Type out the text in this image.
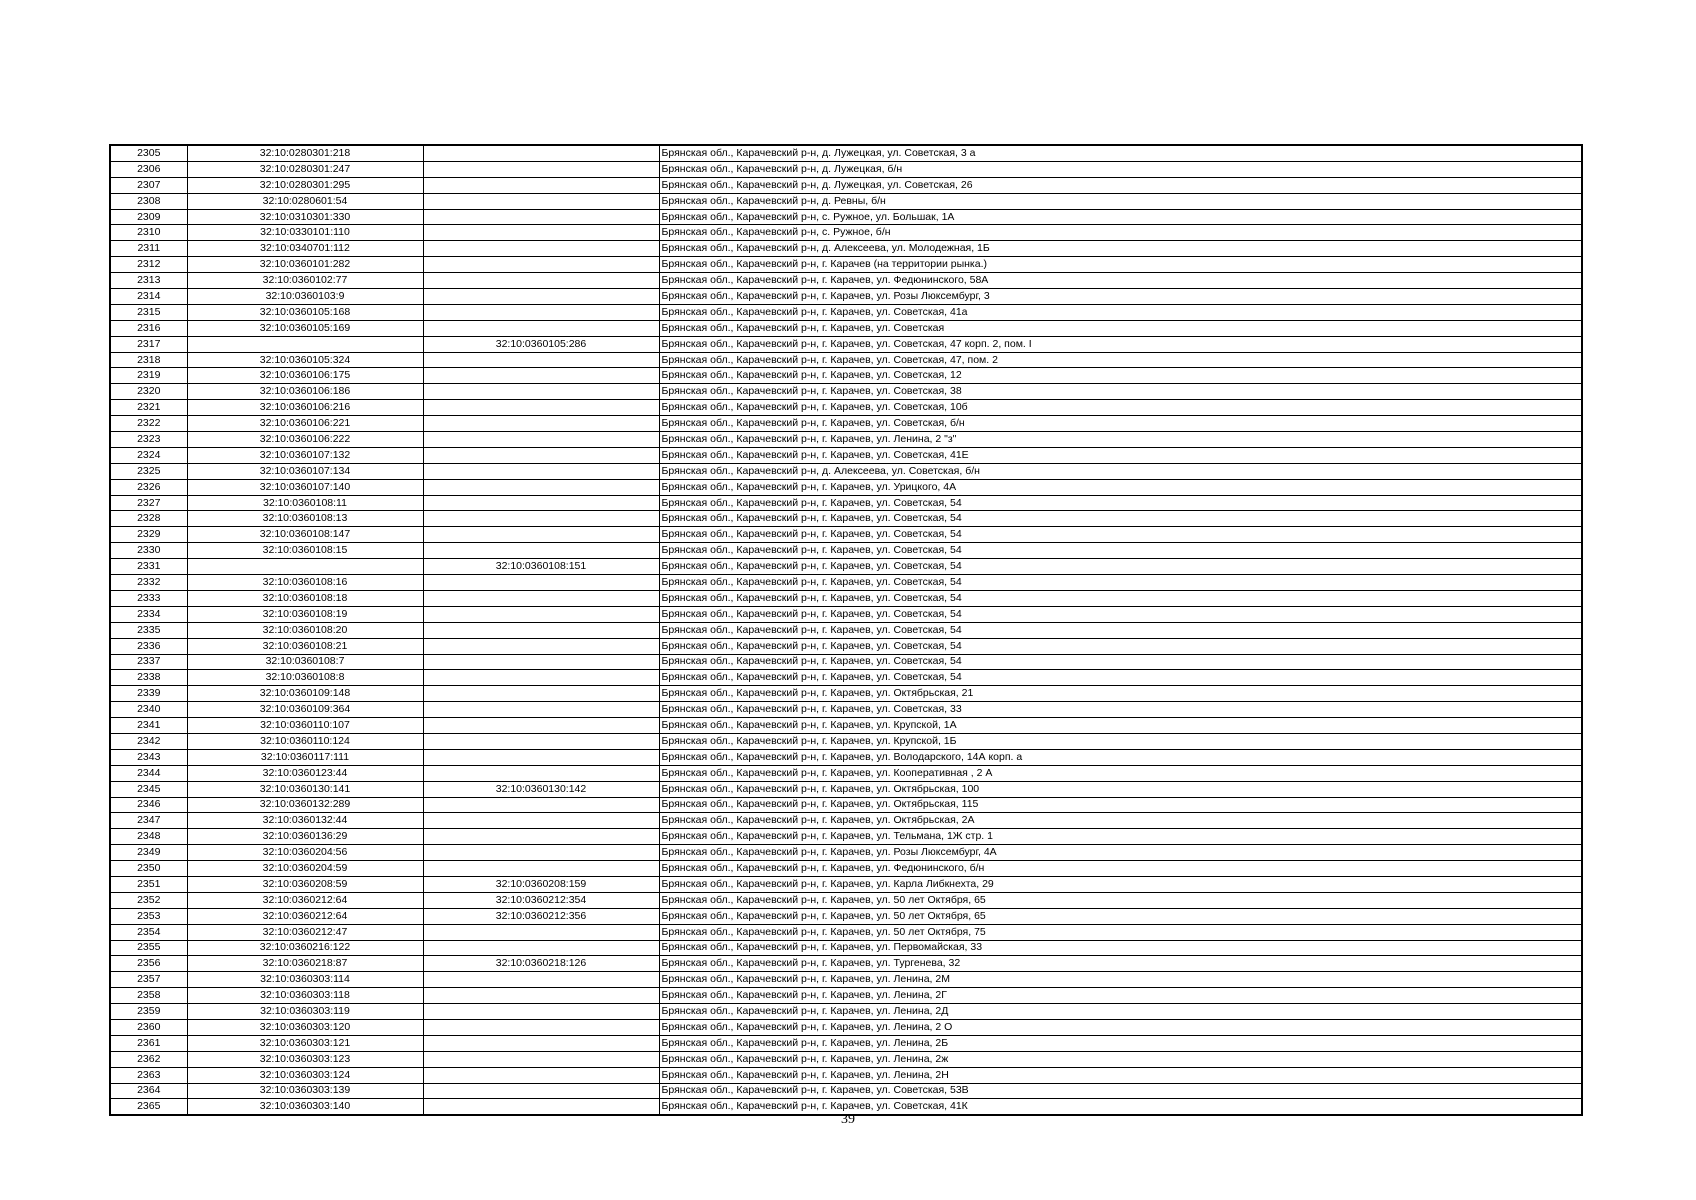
2305	32:10:0280301:218		Брянская обл., Карачевский р-н, д. Лужецкая, ул. Советская, 3 а
2306	32:10:0280301:247		Брянская обл., Карачевский р-н, д. Лужецкая, б/н
2307	32:10:0280301:295		Брянская обл., Карачевский р-н, д. Лужецкая, ул. Советская, 26
2308	32:10:0280601:54		Брянская обл., Карачевский р-н, д. Ревны, б/н
2309	32:10:0310301:330		Брянская обл., Карачевский р-н, с. Ружное, ул. Большак, 1А
2310	32:10:0330101:110		Брянская обл., Карачевский р-н, с. Ружное, б/н
2311	32:10:0340701:112		Брянская обл., Карачевский р-н, д. Алексеева, ул. Молодежная, 1Б
2312	32:10:0360101:282		Брянская обл., Карачевский р-н, г. Карачев (на территории рынка.)
2313	32:10:0360102:77		Брянская обл., Карачевский р-н, г. Карачев, ул. Федюнинского, 58А
2314	32:10:0360103:9		Брянская обл., Карачевский р-н, г. Карачев, ул. Розы Люксембург, 3
2315	32:10:0360105:168		Брянская обл., Карачевский р-н, г. Карачев, ул. Советская, 41а
2316	32:10:0360105:169		Брянская обл., Карачевский р-н, г. Карачев, ул. Советская
2317		32:10:0360105:286	Брянская обл., Карачевский р-н, г. Карачев, ул. Советская, 47 корп. 2, пом. I
2318	32:10:0360105:324		Брянская обл., Карачевский р-н, г. Карачев, ул. Советская, 47, пом. 2
2319	32:10:0360106:175		Брянская обл., Карачевский р-н, г. Карачев, ул. Советская, 12
2320	32:10:0360106:186		Брянская обл., Карачевский р-н, г. Карачев, ул. Советская, 38
2321	32:10:0360106:216		Брянская обл., Карачевский р-н, г. Карачев, ул. Советская, 10б
2322	32:10:0360106:221		Брянская обл., Карачевский р-н, г. Карачев, ул. Советская, б/н
2323	32:10:0360106:222		Брянская обл., Карачевский р-н, г. Карачев, ул. Ленина, 2 "з"
2324	32:10:0360107:132		Брянская обл., Карачевский р-н, г. Карачев, ул. Советская, 41Е
2325	32:10:0360107:134		Брянская обл., Карачевский р-н, д. Алексеева, ул. Советская, б/н
2326	32:10:0360107:140		Брянская обл., Карачевский р-н, г. Карачев, ул. Урицкого, 4А
2327	32:10:0360108:11		Брянская обл., Карачевский р-н, г. Карачев, ул. Советская, 54
2328	32:10:0360108:13		Брянская обл., Карачевский р-н, г. Карачев, ул. Советская, 54
2329	32:10:0360108:147		Брянская обл., Карачевский р-н, г. Карачев, ул. Советская, 54
2330	32:10:0360108:15		Брянская обл., Карачевский р-н, г. Карачев, ул. Советская, 54
2331		32:10:0360108:151	Брянская обл., Карачевский р-н, г. Карачев, ул. Советская, 54
2332	32:10:0360108:16		Брянская обл., Карачевский р-н, г. Карачев, ул. Советская, 54
2333	32:10:0360108:18		Брянская обл., Карачевский р-н, г. Карачев, ул. Советская, 54
2334	32:10:0360108:19		Брянская обл., Карачевский р-н, г. Карачев, ул. Советская, 54
2335	32:10:0360108:20		Брянская обл., Карачевский р-н, г. Карачев, ул. Советская, 54
2336	32:10:0360108:21		Брянская обл., Карачевский р-н, г. Карачев, ул. Советская, 54
2337	32:10:0360108:7		Брянская обл., Карачевский р-н, г. Карачев, ул. Советская, 54
2338	32:10:0360108:8		Брянская обл., Карачевский р-н, г. Карачев, ул. Советская, 54
2339	32:10:0360109:148		Брянская обл., Карачевский р-н, г. Карачев, ул. Октябрьская, 21
2340	32:10:0360109:364		Брянская обл., Карачевский р-н, г. Карачев, ул. Советская, 33
2341	32:10:0360110:107		Брянская обл., Карачевский р-н, г. Карачев, ул. Крупской, 1А
2342	32:10:0360110:124		Брянская обл., Карачевский р-н, г. Карачев, ул. Крупской, 1Б
2343	32:10:0360117:111		Брянская обл., Карачевский р-н, г. Карачев, ул. Володарского, 14А корп. а
2344	32:10:0360123:44		Брянская обл., Карачевский р-н, г. Карачев, ул. Кооперативная , 2 А
2345	32:10:0360130:141	32:10:0360130:142	Брянская обл., Карачевский р-н, г. Карачев, ул. Октябрьская, 100
2346	32:10:0360132:289		Брянская обл., Карачевский р-н, г. Карачев, ул. Октябрьская, 115
2347	32:10:0360132:44		Брянская обл., Карачевский р-н, г. Карачев, ул. Октябрьская, 2А
2348	32:10:0360136:29		Брянская обл., Карачевский р-н, г. Карачев, ул. Тельмана, 1Ж стр. 1
2349	32:10:0360204:56		Брянская обл., Карачевский р-н, г. Карачев, ул. Розы Люксембург, 4А
2350	32:10:0360204:59		Брянская обл., Карачевский р-н, г. Карачев, ул. Федюнинского, б/н
2351	32:10:0360208:59	32:10:0360208:159	Брянская обл., Карачевский р-н, г. Карачев, ул. Карла Либкнехта, 29
2352	32:10:0360212:64	32:10:0360212:354	Брянская обл., Карачевский р-н, г. Карачев, ул. 50 лет Октября, 65
2353	32:10:0360212:64	32:10:0360212:356	Брянская обл., Карачевский р-н, г. Карачев, ул. 50 лет Октября, 65
2354	32:10:0360212:47		Брянская обл., Карачевский р-н, г. Карачев, ул. 50 лет Октября, 75
2355	32:10:0360216:122		Брянская обл., Карачевский р-н, г. Карачев, ул. Первомайская, 33
2356	32:10:0360218:87	32:10:0360218:126	Брянская обл., Карачевский р-н, г. Карачев, ул. Тургенева, 32
2357	32:10:0360303:114		Брянская обл., Карачевский р-н, г. Карачев, ул. Ленина, 2М
2358	32:10:0360303:118		Брянская обл., Карачевский р-н, г. Карачев, ул. Ленина, 2Г
2359	32:10:0360303:119		Брянская обл., Карачевский р-н, г. Карачев, ул. Ленина, 2Д
2360	32:10:0360303:120		Брянская обл., Карачевский р-н, г. Карачев, ул. Ленина, 2 О
2361	32:10:0360303:121		Брянская обл., Карачевский р-н, г. Карачев, ул. Ленина, 2Б
2362	32:10:0360303:123		Брянская обл., Карачевский р-н, г. Карачев, ул. Ленина, 2ж
2363	32:10:0360303:124		Брянская обл., Карачевский р-н, г. Карачев, ул. Ленина, 2Н
2364	32:10:0360303:139		Брянская обл., Карачевский р-н, г. Карачев, ул. Советская, 53В
2365	32:10:0360303:140		Брянская обл., Карачевский р-н, г. Карачев, ул. Советская, 41К
39
